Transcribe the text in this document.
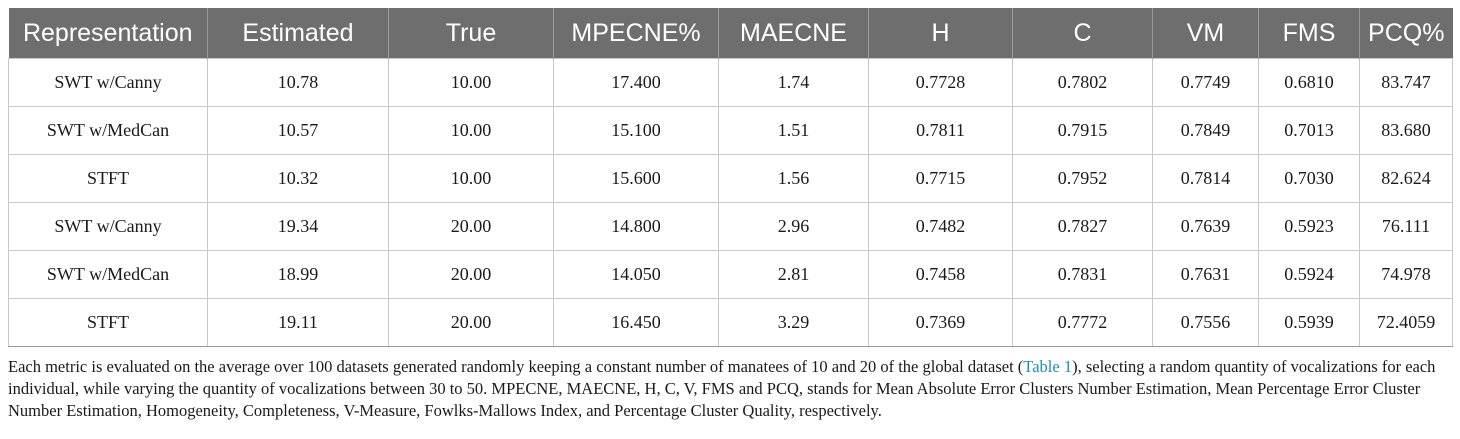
Representation	Estimated	True	MPECNE%	MAECNE	H	C	VM	FMS	PCQ%
SWT w/Canny	10.78	10.00	17.400	1.74	0.7728	0.7802	0.7749	0.6810	83.747
SWT w/MedCan	10.57	10.00	15.100	1.51	0.7811	0.7915	0.7849	0.7013	83.680
STFT	10.32	10.00	15.600	1.56	0.7715	0.7952	0.7814	0.7030	82.624
SWT w/Canny	19.34	20.00	14.800	2.96	0.7482	0.7827	0.7639	0.5923	76.111
SWT w/MedCan	18.99	20.00	14.050	2.81	0.7458	0.7831	0.7631	0.5924	74.978
STFT	19.11	20.00	16.450	3.29	0.7369	0.7772	0.7556	0.5939	72.4059

Each metric is evaluated on the average over 100 datasets generated randomly keeping a constant number of manatees of 10 and 20 of the global dataset (Table 1), selecting a random quantity of vocalizations for each individual, while varying the quantity of vocalizations between 30 to 50. MPECNE, MAECNE, H, C, V, FMS and PCQ, stands for Mean Absolute Error Clusters Number Estimation, Mean Percentage Error Cluster Number Estimation, Homogeneity, Completeness, V-Measure, Fowlks-Mallows Index, and Percentage Cluster Quality, respectively.
